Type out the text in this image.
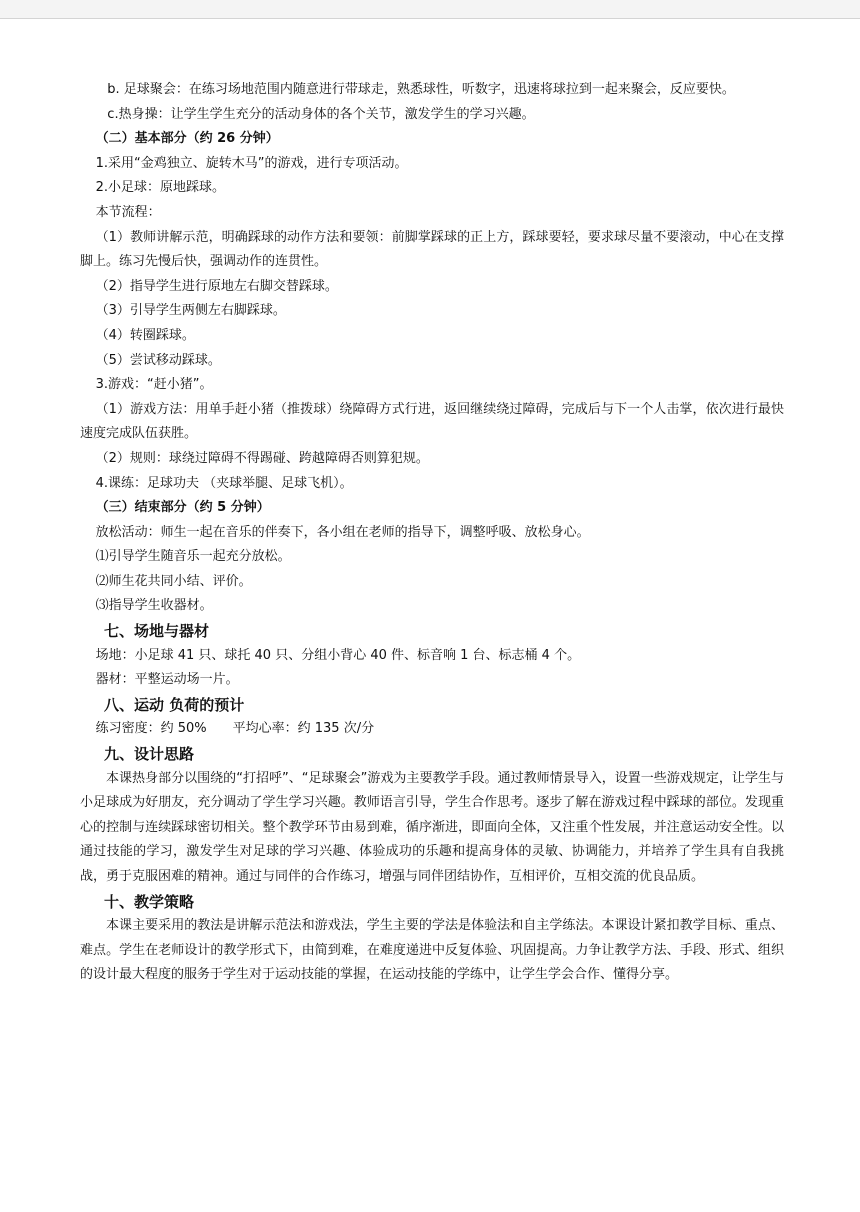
b. 足球聚会：在练习场地范围内随意进行带球走，熟悉球性，听数字，迅速将球拉到一起来聚会，反应要快。

c.热身操：让学生学生充分的活动身体的各个关节，激发学生的学习兴趣。

（二）基本部分（约 26 分钟）

1.采用“金鸡独立、旋转木马”的游戏，进行专项活动。

2.小足球：原地踩球。

本节流程：

（1）教师讲解示范，明确踩球的动作方法和要领：前脚掌踩球的正上方，踩球要轻，要求球尽量不要滚动，中心在支撑脚上。练习先慢后快，强调动作的连贯性。

（2）指导学生进行原地左右脚交替踩球。

（3）引导学生两侧左右脚踩球。

（4）转圈踩球。

（5）尝试移动踩球。

3.游戏：“赶小猪”。

（1）游戏方法：用单手赶小猪（推拨球）绕障碍方式行进，返回继续绕过障碍，完成后与下一个人击掌，依次进行最快速度完成队伍获胜。

（2）规则：球绕过障碍不得踢碰、跨越障碍否则算犯规。

4.课练：足球功夫 （夹球举腿、足球飞机）。

（三）结束部分（约 5 分钟）

放松活动：师生一起在音乐的伴奏下，各小组在老师的指导下，调整呼吸、放松身心。

⑴引导学生随音乐一起充分放松。

⑵师生花共同小结、评价。

⑶指导学生收器材。

七、场地与器材

场地：小足球 41 只、球托 40 只、分组小背心 40 件、标音响 1 台、标志桶 4 个。

器材：平整运动场一片。

八、运动 负荷的预计

练习密度：约 50%　　平均心率：约 135 次/分

九、设计思路

本课热身部分以围绕的“打招呼”、“足球聚会”游戏为主要教学手段。通过教师情景导入，设置一些游戏规定，让学生与小足球成为好朋友，充分调动了学生学习兴趣。教师语言引导，学生合作思考。逐步了解在游戏过程中踩球的部位。发现重心的控制与连续踩球密切相关。整个教学环节由易到难，循序渐进，即面向全体，又注重个性发展，并注意运动安全性。以通过技能的学习，激发学生对足球的学习兴趣、体验成功的乐趣和提高身体的灵敏、协调能力，并培养了学生具有自我挑战，勇于克服困难的精神。通过与同伴的合作练习，增强与同伴团结协作，互相评价，互相交流的优良品质。

十、教学策略

本课主要采用的教法是讲解示范法和游戏法，学生主要的学法是体验法和自主学练法。本课设计紧扣教学目标、重点、难点。学生在老师设计的教学形式下，由简到难，在难度递进中反复体验、巩固提高。力争让教学方法、手段、形式、组织的设计最大程度的服务于学生对于运动技能的掌握，在运动技能的学练中，让学生学会合作、懂得分享。
